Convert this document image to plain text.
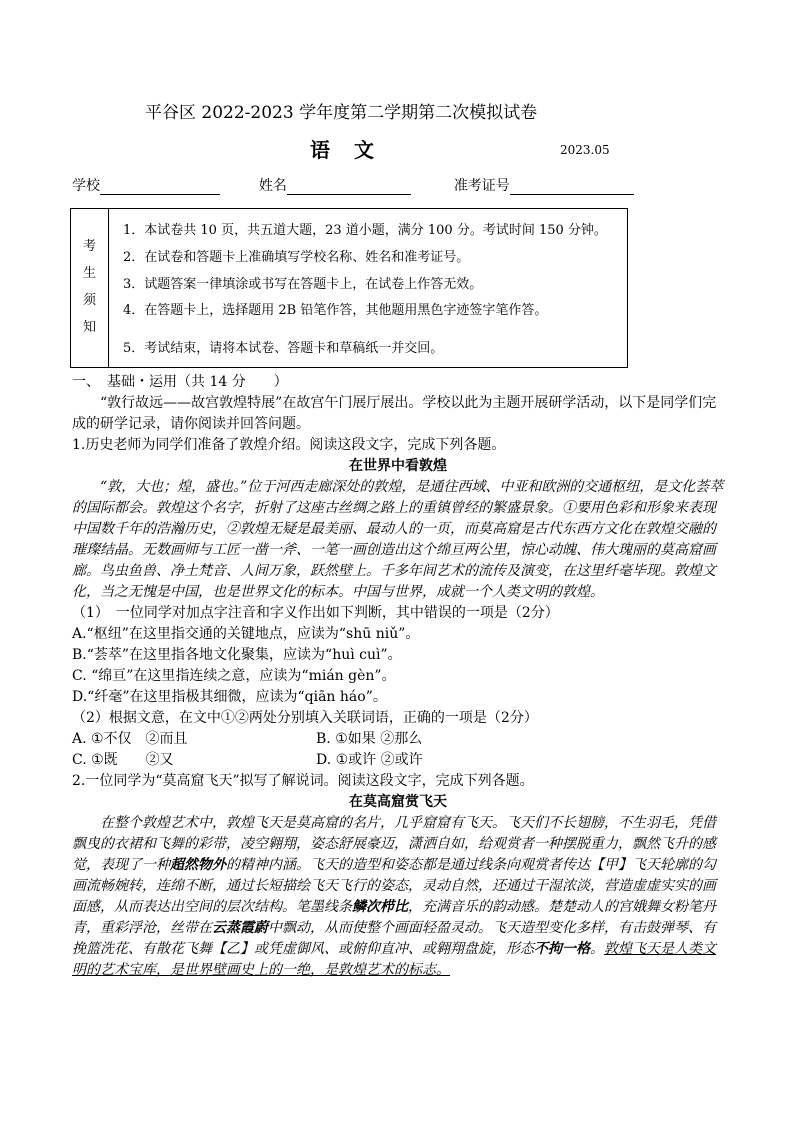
平谷区 2022-2023 学年度第二学期第二次模拟试卷
语　文	2023.05
学校	姓名	准考证号
考
生
须
知
1．本试卷共 10 页，共五道大题，23 道小题，满分 100 分。考试时间 150 分钟。
2．在试卷和答题卡上准确填写学校名称、姓名和准考证号。
3．试题答案一律填涂或书写在答题卡上，在试卷上作答无效。
4．在答题卡上，选择题用 2B 铅笔作答，其他题用黑色字迹签字笔作答。
5．考试结束，请将本试卷、答题卡和草稿纸一并交回。

一、　基础・运用（共 14 分　　）

“敦行故远——故宫敦煌特展”在故宫午门展厅展出。学校以此为主题开展研学活动，以下是同学们完成的研学记录，请你阅读并回答问题。

1.历史老师为同学们准备了敦煌介绍。阅读这段文字，完成下列各题。

在世界中看敦煌

“敦，大也；煌，盛也。”位于河西走廊深处的敦煌，是通往西域、中亚和欧洲的交通枢纽，是文化荟萃的国际都会。敦煌这个名字，折射了这座古丝绸之路上的重镇曾经的繁盛景象。①要用色彩和形象来表现中国数千年的浩瀚历史，②敦煌无疑是最美丽、最动人的一页，而莫高窟是古代东西方文化在敦煌交融的璀璨结晶。无数画师与工匠一凿一斧、一笔一画创造出这个绵亘两公里，惊心动魄、伟大瑰丽的莫高窟画廊。鸟虫鱼兽、净土梵音、人间万象，跃然壁上。千多年间艺术的流传及演变，在这里纤毫毕现。敦煌文化，当之无愧是中国，也是世界文化的标本。中国与世界，成就一个人类文明的敦煌。

（1）　一位同学对加点字注音和字义作出如下判断，其中错误的一项是（2分）

A.“枢纽”在这里指交通的关键地点，应读为“shū niǔ”。

B.“荟萃”在这里指各地文化聚集，应读为“huì cuì”。

C. “绵亘”在这里指连续之意，应读为“mián gèn”。

D.“纤毫”在这里指极其细微，应读为“qiān háo”。

（2）根据文意，在文中①②两处分别填入关联词语，正确的一项是（2分）

A. ①不仅　②而且	B. ①如果 ②那么
C. ①既　　②又	D. ①或许 ②或许

2.一位同学为“莫高窟飞天”拟写了解说词。阅读这段文字，完成下列各题。

在莫高窟赏飞天

在整个敦煌艺术中，敦煌飞天是莫高窟的名片，几乎窟窟有飞天。飞天们不长翅膀，不生羽毛，凭借飘曳的衣裙和飞舞的彩带，凌空翱翔，姿态舒展豪迈，潇洒自如，给观赏者一种摆脱重力，飘然飞升的感觉，表现了一种超然物外的精神内涵。飞天的造型和姿态都是通过线条向观赏者传达【甲】飞天轮廓的勾画流畅婉转，连绵不断，通过长短描绘飞天飞行的姿态，灵动自然，还通过干湿浓淡，营造虚虚实实的画面感，从而表达出空间的层次结构。笔墨线条鳞次栉比，充满音乐的韵动感。楚楚动人的宫娥舞女粉笔丹青，重彩浮沧，丝带在云蒸霞蔚中飘动，从而使整个画面轻盈灵动。飞天造型变化多样，有击鼓弹琴、有挽篮洗花、有散花飞舞【乙】或凭虚御风、或俯仰直冲、或翱翔盘旋，形态不拘一格。敦煌飞天是人类文明的艺术宝库，是世界壁画史上的一绝，是敦煌艺术的标志。
